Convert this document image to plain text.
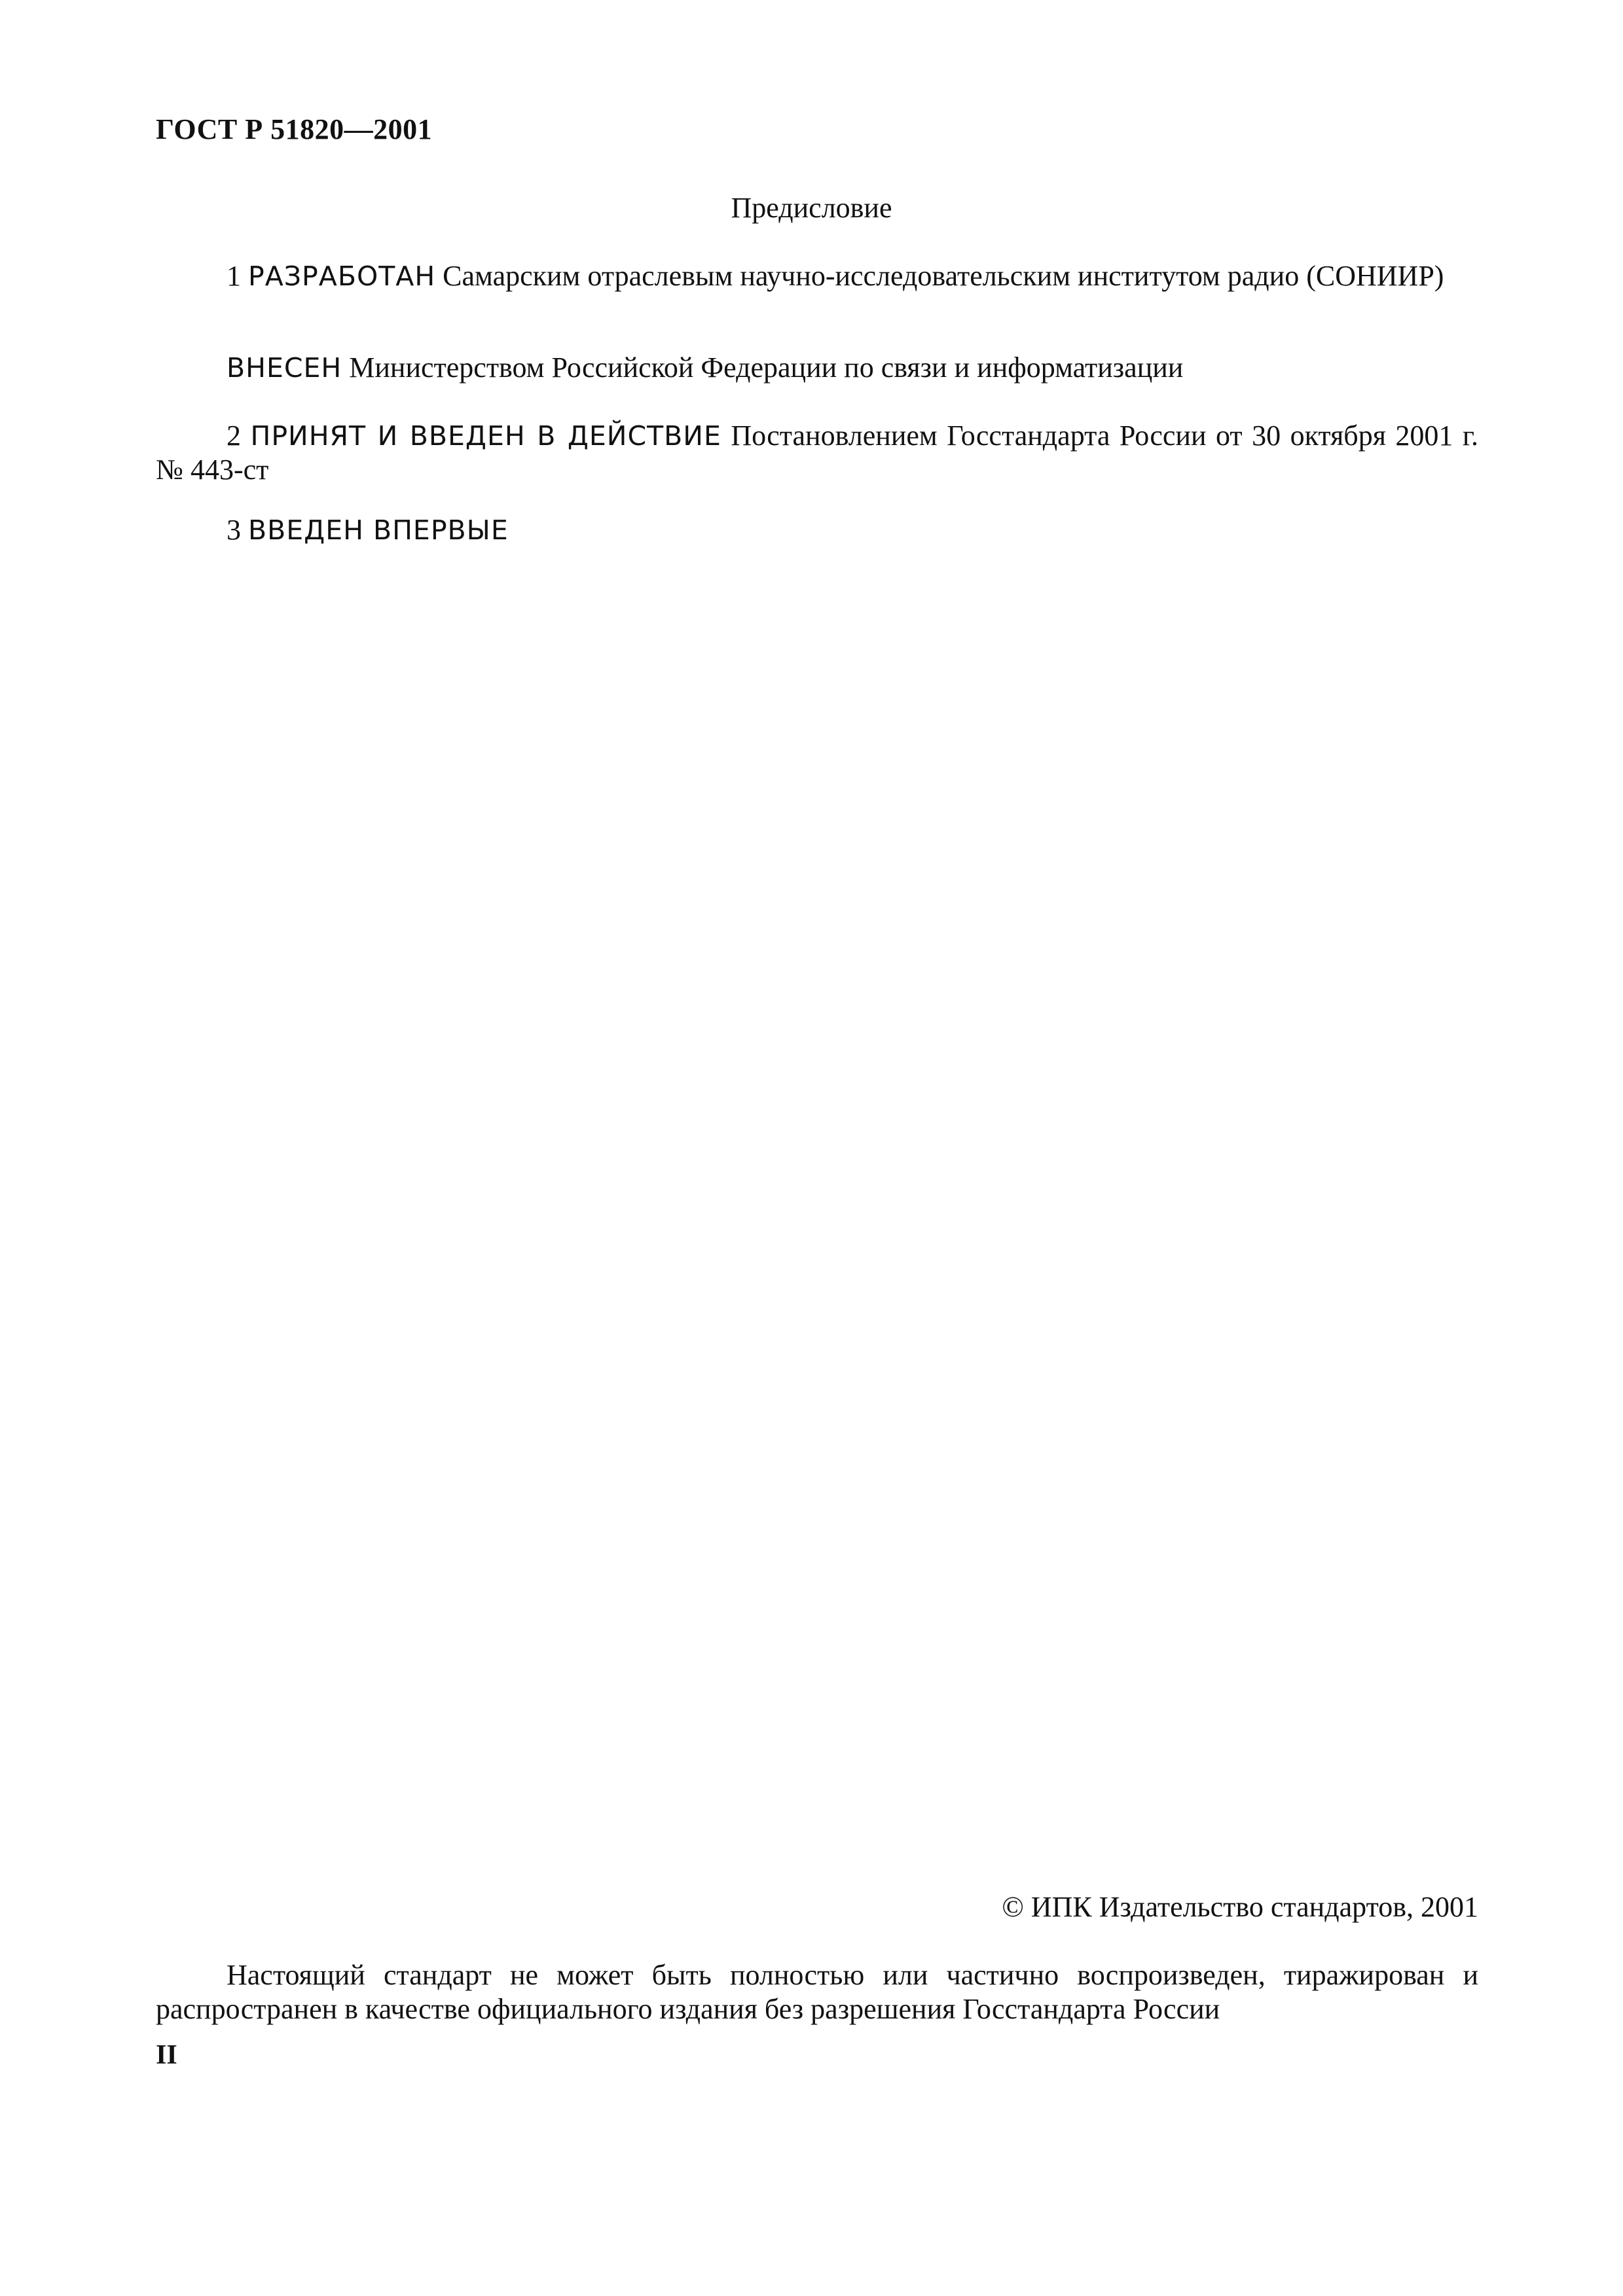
ГОСТ Р 51820—2001
Предисловие

1 РАЗРАБОТАН Самарским отраслевым научно-исследовательским институтом радио (СОНИИР)

ВНЕСЕН Министерством Российской Федерации по связи и информатизации

2 ПРИНЯТ И ВВЕДЕН В ДЕЙСТВИЕ Постановлением Госстандарта России от 30 октября 2001 г. № 443-ст

3 ВВЕДЕН ВПЕРВЫЕ

© ИПК Издательство стандартов, 2001

Настоящий стандарт не может быть полностью или частично воспроизведен, тиражирован и распространен в качестве официального издания без разрешения Госстандарта России

II
